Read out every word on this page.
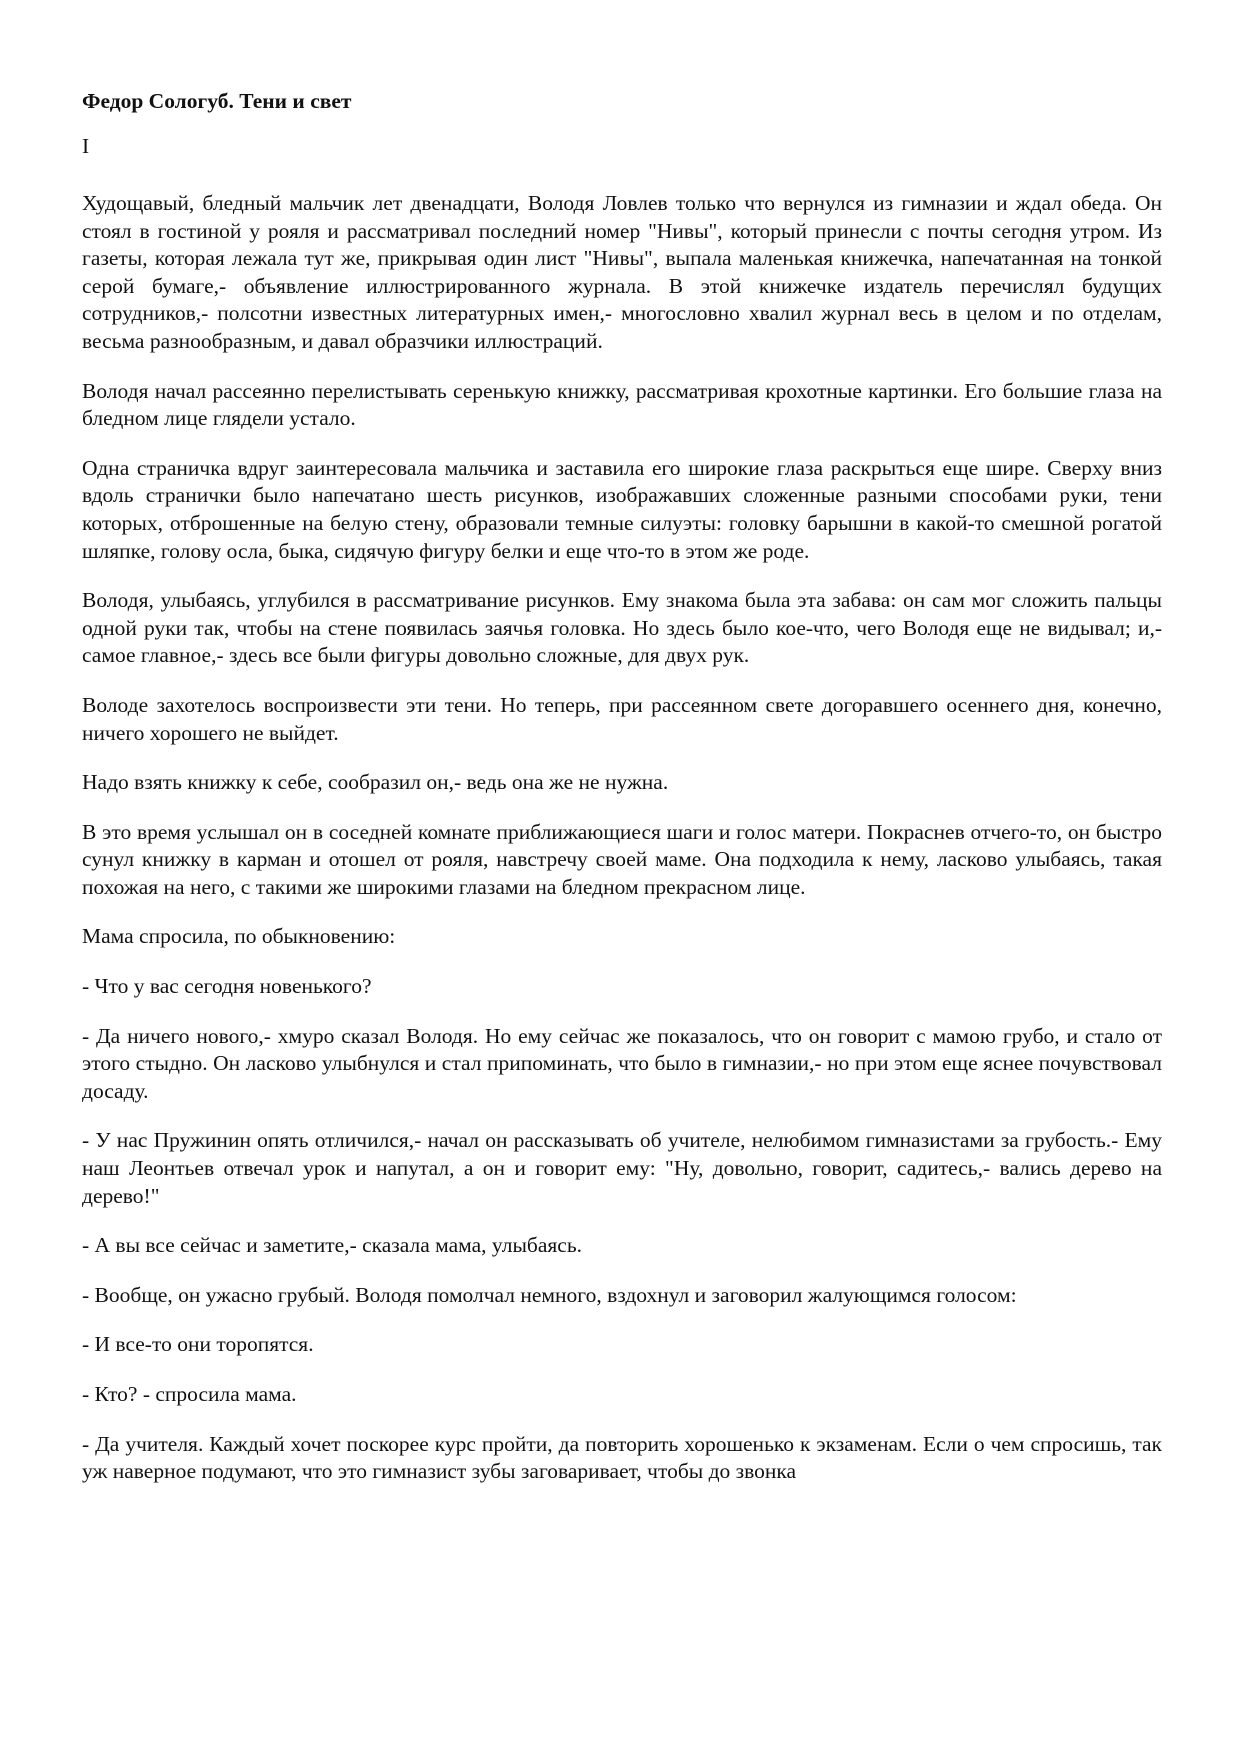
Федор Сологуб. Тени и свет
I

Худощавый, бледный мальчик лет двенадцати, Володя Ловлев только что вернулся из гимназии и ждал обеда. Он стоял в гостиной у рояля и рассматривал последний номер "Нивы", который принесли с почты сегодня утром. Из газеты, которая лежала тут же, прикрывая один лист "Нивы", выпала маленькая книжечка, напечатанная на тонкой серой бумаге,- объявление иллюстрированного журнала. В этой книжечке издатель перечислял будущих сотрудников,- полсотни известных литературных имен,- многословно хвалил журнал весь в целом и по отделам, весьма разнообразным, и давал образчики иллюстраций.

Володя начал рассеянно перелистывать серенькую книжку, рассматривая крохотные картинки. Его большие глаза на бледном лице глядели устало.

Одна страничка вдруг заинтересовала мальчика и заставила его широкие глаза раскрыться еще шире. Сверху вниз вдоль странички было напечатано шесть рисунков, изображавших сложенные разными способами руки, тени которых, отброшенные на белую стену, образовали темные силуэты: головку барышни в какой-то смешной рогатой шляпке, голову осла, быка, сидячую фигуру белки и еще что-то в этом же роде.

Володя, улыбаясь, углубился в рассматривание рисунков. Ему знакома была эта забава: он сам мог сложить пальцы одной руки так, чтобы на стене появилась заячья головка. Но здесь было кое-что, чего Володя еще не видывал; и,- самое главное,- здесь все были фигуры довольно сложные, для двух рук.

Володе захотелось воспроизвести эти тени. Но теперь, при рассеянном свете догоравшего осеннего дня, конечно, ничего хорошего не выйдет.

Надо взять книжку к себе, сообразил он,- ведь она же не нужна.

В это время услышал он в соседней комнате приближающиеся шаги и голос матери. Покраснев отчего-то, он быстро сунул книжку в карман и отошел от рояля, навстречу своей маме. Она подходила к нему, ласково улыбаясь, такая похожая на него, с такими же широкими глазами на бледном прекрасном лице.

Мама спросила, по обыкновению:

- Что у вас сегодня новенького?

- Да ничего нового,- хмуро сказал Володя. Но ему сейчас же показалось, что он говорит с мамою грубо, и стало от этого стыдно. Он ласково улыбнулся и стал припоминать, что было в гимназии,- но при этом еще яснее почувствовал досаду.

- У нас Пружинин опять отличился,- начал он рассказывать об учителе, нелюбимом гимназистами за грубость.- Ему наш Леонтьев отвечал урок и напутал, а он и говорит ему: "Ну, довольно, говорит, садитесь,- вались дерево на дерево!"

- А вы все сейчас и заметите,- сказала мама, улыбаясь.

- Вообще, он ужасно грубый. Володя помолчал немного, вздохнул и заговорил жалующимся голосом:

- И все-то они торопятся.

- Кто? - спросила мама.

- Да учителя. Каждый хочет поскорее курс пройти, да повторить хорошенько к экзаменам. Если о чем спросишь, так уж наверное подумают, что это гимназист зубы заговаривает, чтобы до звонка
